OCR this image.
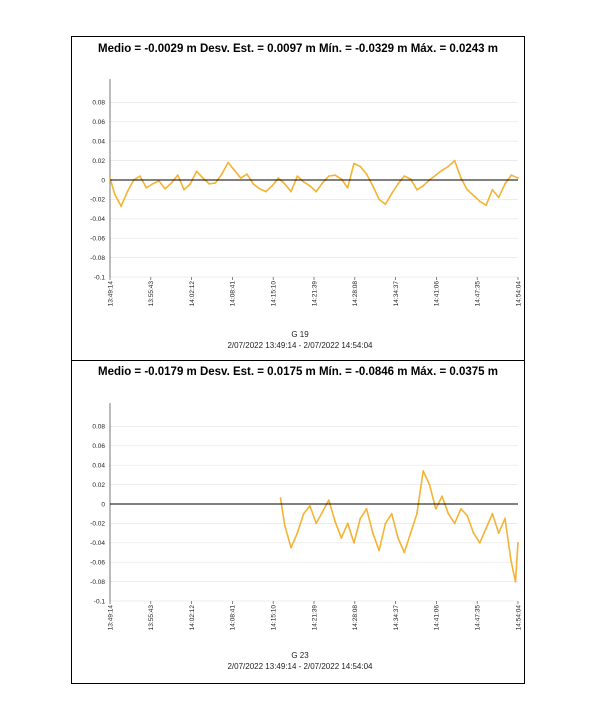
Medio = -0.0029 m Desv. Est. = 0.0097 m Mín. = -0.0329 m Máx. = 0.0243 m
G 19
2/07/2022 13:49:14 - 2/07/2022 14:54:04
0.08
0.06
0.04
0.02
0
-0.02
-0.04
-0.06
-0.08
-0.1
13:49:14	13:55:43	14:02:12	14:08:41	14:15:10	14:21:39	14:28:08	14:34:37	14:41:06	14:47:35	14:54:04
Medio = -0.0179 m Desv. Est. = 0.0175 m Mín. = -0.0846 m Máx. = 0.0375 m
G 23
2/07/2022 13:49:14 - 2/07/2022 14:54:04
0.08
0.06
0.04
0.02
0
-0.02
-0.04
-0.06
-0.08
-0.1
13:49:14	13:55:43	14:02:12	14:08:41	14:15:10	14:21:39	14:28:08	14:34:37	14:41:06	14:47:35	14:54:04
